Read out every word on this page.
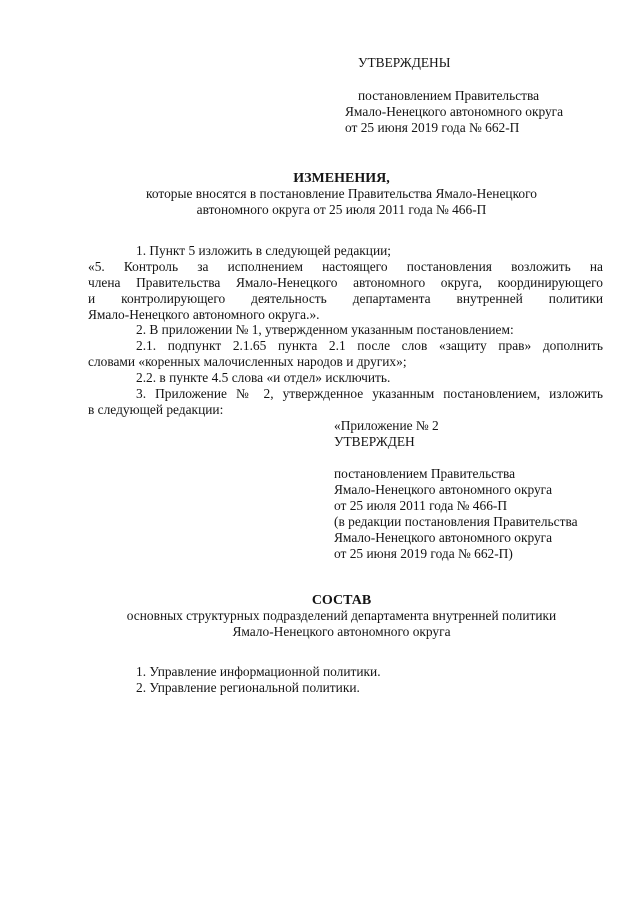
УТВЕРЖДЕНЫ
постановлением Правительства
Ямало-Ненецкого автономного округа
от 25 июня 2019 года № 662-П
ИЗМЕНЕНИЯ,
которые вносятся в постановление Правительства Ямало-Ненецкого
автономного округа от 25 июля 2011 года № 466-П
1. Пункт 5 изложить в следующей редакции;
«5. Контроль за исполнением настоящего постановления возложить на
члена Правительства Ямало-Ненецкого автономного округа, координирующего
и контролирующего деятельность департамента внутренней политики
Ямало-Ненецкого автономного округа.».
2. В приложении № 1, утвержденном указанным постановлением:
2.1. подпункт 2.1.65 пункта 2.1 после слов «защиту прав» дополнить
словами «коренных малочисленных народов и других»;
2.2. в пункте 4.5 слова «и отдел» исключить.
3. Приложение № 2, утвержденное указанным постановлением, изложить
в следующей редакции:
«Приложение № 2
УТВЕРЖДЕН
постановлением Правительства
Ямало-Ненецкого автономного округа
от 25 июля 2011 года № 466-П
(в редакции постановления Правительства
Ямало-Ненецкого автономного округа
от 25 июня 2019 года № 662-П)
СОСТАВ
основных структурных подразделений департамента внутренней политики
Ямало-Ненецкого автономного округа
1. Управление информационной политики.
2. Управление региональной политики.
